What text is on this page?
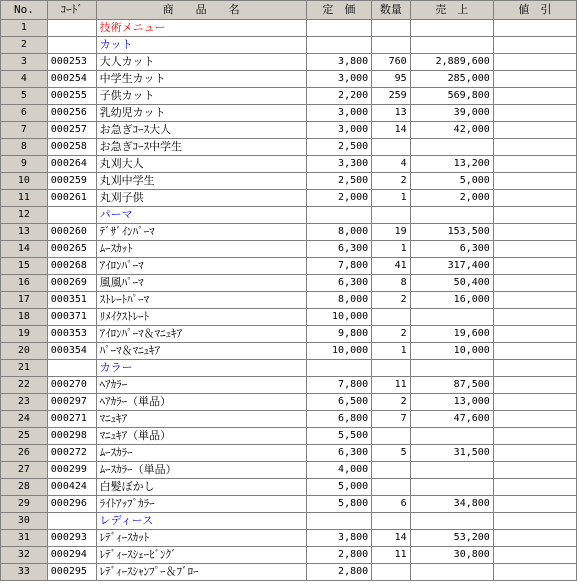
No.	ｺｰﾄﾞ	商　　品　　名	定　価	数量	売　上	値　引
1		技術メニュー				
2		カット				
3	000253	大人カット	3,800	760	2,889,600	
4	000254	中学生カット	3,000	95	285,000	
5	000255	子供カット	2,200	259	569,800	
6	000256	乳幼児カット	3,000	13	39,000	
7	000257	お急ぎｺｰｽ大人	3,000	14	42,000	
8	000258	お急ぎｺｰｽ中学生	2,500			
9	000264	丸刈大人	3,300	4	13,200	
10	000259	丸刈中学生	2,500	2	5,000	
11	000261	丸刈子供	2,000	1	2,000	
12		パーマ				
13	000260	ﾃﾞｻﾞｲﾝﾊﾟｰﾏ	8,000	19	153,500	
14	000265	ﾑｰｽｶｯﾄ	6,300	1	6,300	
15	000268	ｱｲﾛﾝﾊﾟｰﾏ	7,800	41	317,400	
16	000269	風風ﾊﾟｰﾏ	6,300	8	50,400	
17	000351	ｽﾄﾚｰﾄﾊﾟｰﾏ	8,000	2	16,000	
18	000371	ﾘﾒｲｸｽﾄﾚｰﾄ	10,000			
19	000353	ｱｲﾛﾝﾊﾟｰﾏ＆ﾏﾆｭｷｱ	9,800	2	19,600	
20	000354	ﾊﾟｰﾏ＆ﾏﾆｭｷｱ	10,000	1	10,000	
21		カラー				
22	000270	ﾍｱｶﾗｰ	7,800	11	87,500	
23	000297	ﾍｱｶﾗｰ（単品）	6,500	2	13,000	
24	000271	ﾏﾆｭｷｱ	6,800	7	47,600	
25	000298	ﾏﾆｭｷｱ（単品）	5,500			
26	000272	ﾑｰｽｶﾗｰ	6,300	5	31,500	
27	000299	ﾑｰｽｶﾗｰ（単品）	4,000			
28	000424	白髪ぼかし	5,000			
29	000296	ﾗｲﾄｱｯﾌﾟｶﾗｰ	5,800	6	34,800	
30		レディース				
31	000293	ﾚﾃﾞｨｰｽｶｯﾄ	3,800	14	53,200	
32	000294	ﾚﾃﾞｨｰｽｼｪｰﾋﾞﾝｸﾞ	2,800	11	30,800	
33	000295	ﾚﾃﾞｨｰｽｼｬﾝﾌﾟｰ＆ﾌﾞﾛｰ	2,800			
